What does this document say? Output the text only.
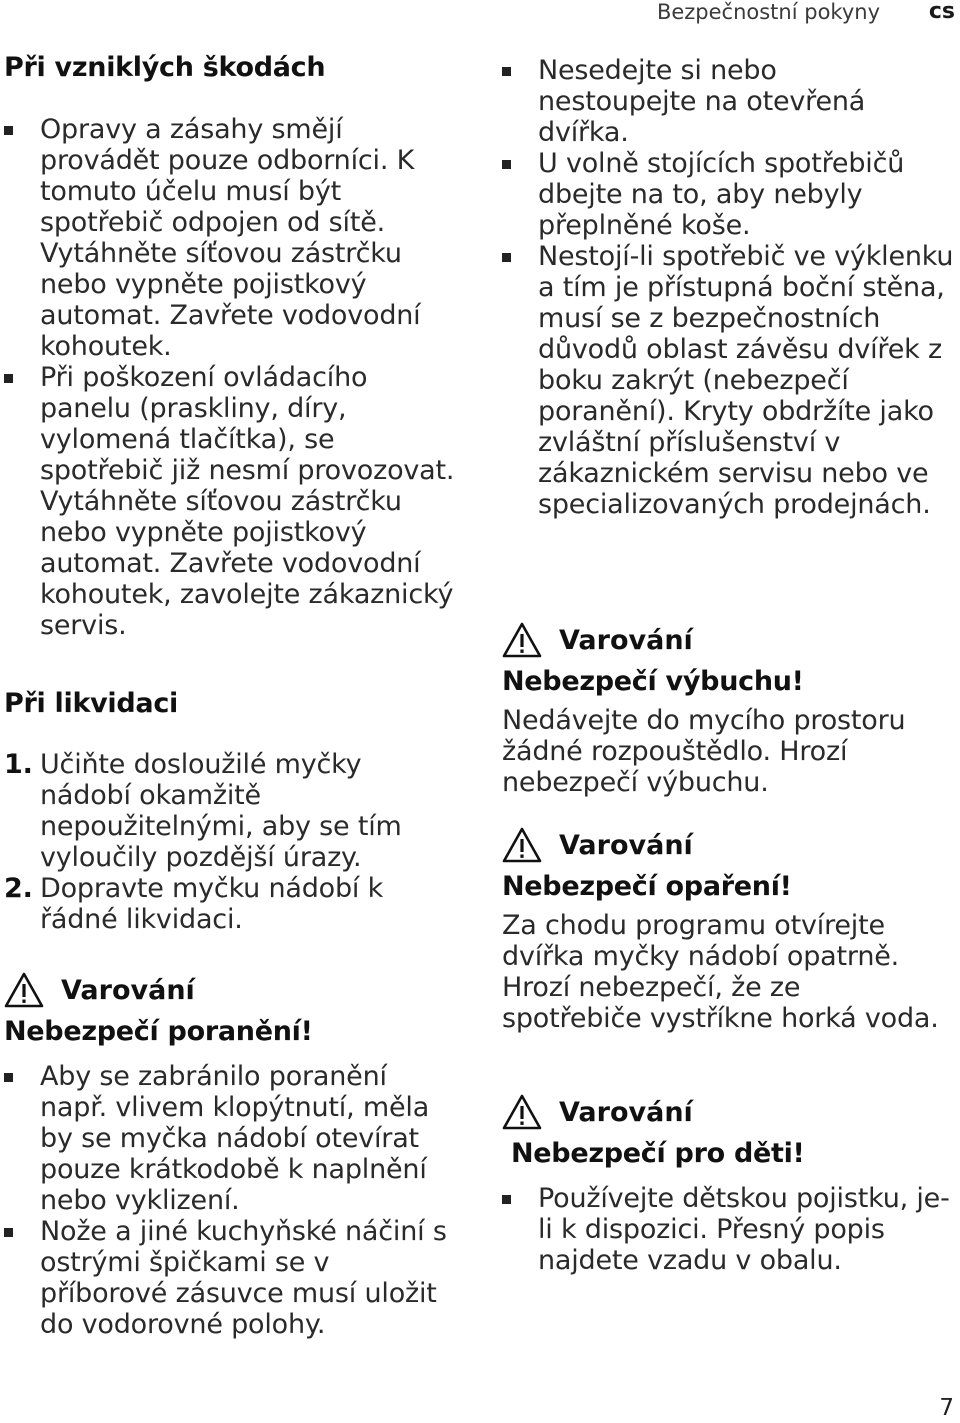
Bezpečnostní pokyny cs
Při vzniklých škodách
Opravy a zásahy smějí provádět pouze odborníci. K tomuto účelu musí být spotřebič odpojen od sítě. Vytáhněte síťovou zástrčku nebo vypněte pojistkový automat. Zavřete vodovodní kohoutek.
Při poškození ovládacího panelu (praskliny, díry, vylomená tlačítka), se spotřebič již nesmí provozovat. Vytáhněte síťovou zástrčku nebo vypněte pojistkový automat. Zavřete vodovodní kohoutek, zavolejte zákaznický servis.
Při likvidaci
1. Učiňte dosloužilé myčky nádobí okamžitě nepoužitelnými, aby se tím vyloučily pozdější úrazy.
2. Dopravte myčku nádobí k řádné likvidaci.
Varování

Nebezpečí poranění!

Aby se zabránilo poranění např. vlivem klopýtnutí, měla by se myčka nádobí otevírat pouze krátkodobě k naplnění nebo vyklizení.
Nože a jiné kuchyňské náčiní s ostrými špičkami se v příborové zásuvce musí uložit do vodorovné polohy.
Nesedejte si nebo nestoupejte na otevřená dvířka.
U volně stojících spotřebičů dbejte na to, aby nebyly přeplněné koše.
Nestojí-li spotřebič ve výklenku a tím je přístupná boční stěna, musí se z bezpečnostních důvodů oblast závěsu dvířek z boku zakrýt (nebezpečí poranění). Kryty obdržíte jako zvláštní příslušenství v zákaznickém servisu nebo ve specializovaných prodejnách.
Varování

Nebezpečí výbuchu!

Nedávejte do mycího prostoru žádné rozpouštědlo. Hrozí nebezpečí výbuchu.

Varování

Nebezpečí opaření!

Za chodu programu otvírejte dvířka myčky nádobí opatrně. Hrozí nebezpečí, že ze spotřebiče vystříkne horká voda.

Varování

Nebezpečí pro děti!

Používejte dětskou pojistku, je-li k dispozici. Přesný popis najdete vzadu v obalu.
7
